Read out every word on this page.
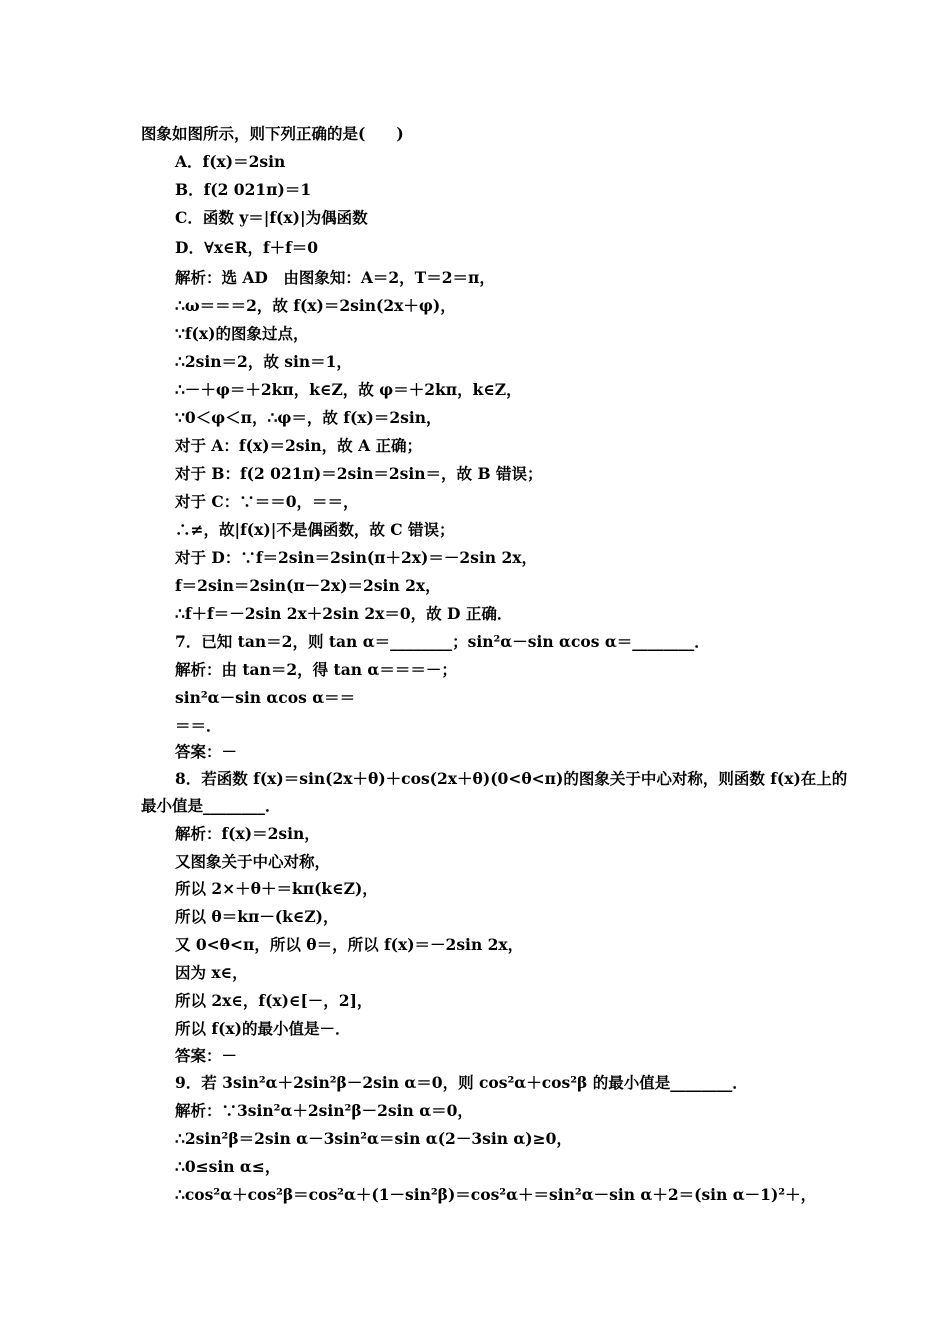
图象如图所示，则下列正确的是(　　)
A．f(x)＝2sin
B．f(2 021π)＝1
C．函数 y＝|f(x)|为偶函数
D．∀x∈R，f＋f＝0
解析：选 AD　由图象知：A＝2，T＝2＝π，
∴ω＝＝＝2，故 f(x)＝2sin(2x＋φ)，
∵f(x)的图象过点，
∴2sin＝2，故 sin＝1，
∴－＋φ＝＋2kπ，k∈Z，故 φ＝＋2kπ，k∈Z，
∵0＜φ＜π，∴φ＝，故 f(x)＝2sin，
对于 A：f(x)＝2sin，故 A 正确；
对于 B：f(2 021π)＝2sin＝2sin＝，故 B 错误；
对于 C：∵＝＝0，＝＝，
∴≠，故|f(x)|不是偶函数，故 C 错误；
对于 D：∵f＝2sin＝2sin(π＋2x)＝－2sin 2x，
f＝2sin＝2sin(π－2x)＝2sin 2x，
∴f＋f＝－2sin 2x＋2sin 2x＝0，故 D 正确．
7．已知 tan＝2，则 tan α＝________；sin²α－sin αcos α＝________．
解析：由 tan＝2，得 tan α＝＝＝－；
sin²α－sin αcos α＝＝
＝＝．
答案：－
8．若函数 f(x)＝sin(2x＋θ)＋cos(2x＋θ)(0<θ<π)的图象关于中心对称，则函数 f(x)在上的
最小值是________．
解析：f(x)＝2sin，
又图象关于中心对称，
所以 2×＋θ＋＝kπ(k∈Z)，
所以 θ＝kπ－(k∈Z)，
又 0<θ<π，所以 θ＝，所以 f(x)＝－2sin 2x，
因为 x∈，
所以 2x∈，f(x)∈[－，2]，
所以 f(x)的最小值是－．
答案：－
9．若 3sin²α＋2sin²β－2sin α＝0，则 cos²α＋cos²β 的最小值是________．
解析：∵3sin²α＋2sin²β－2sin α＝0，
∴2sin²β＝2sin α－3sin²α＝sin α(2－3sin α)≥0，
∴0≤sin α≤，
∴cos²α＋cos²β＝cos²α＋(1－sin²β)＝cos²α＋＝sin²α－sin α＋2＝(sin α－1)²＋，
